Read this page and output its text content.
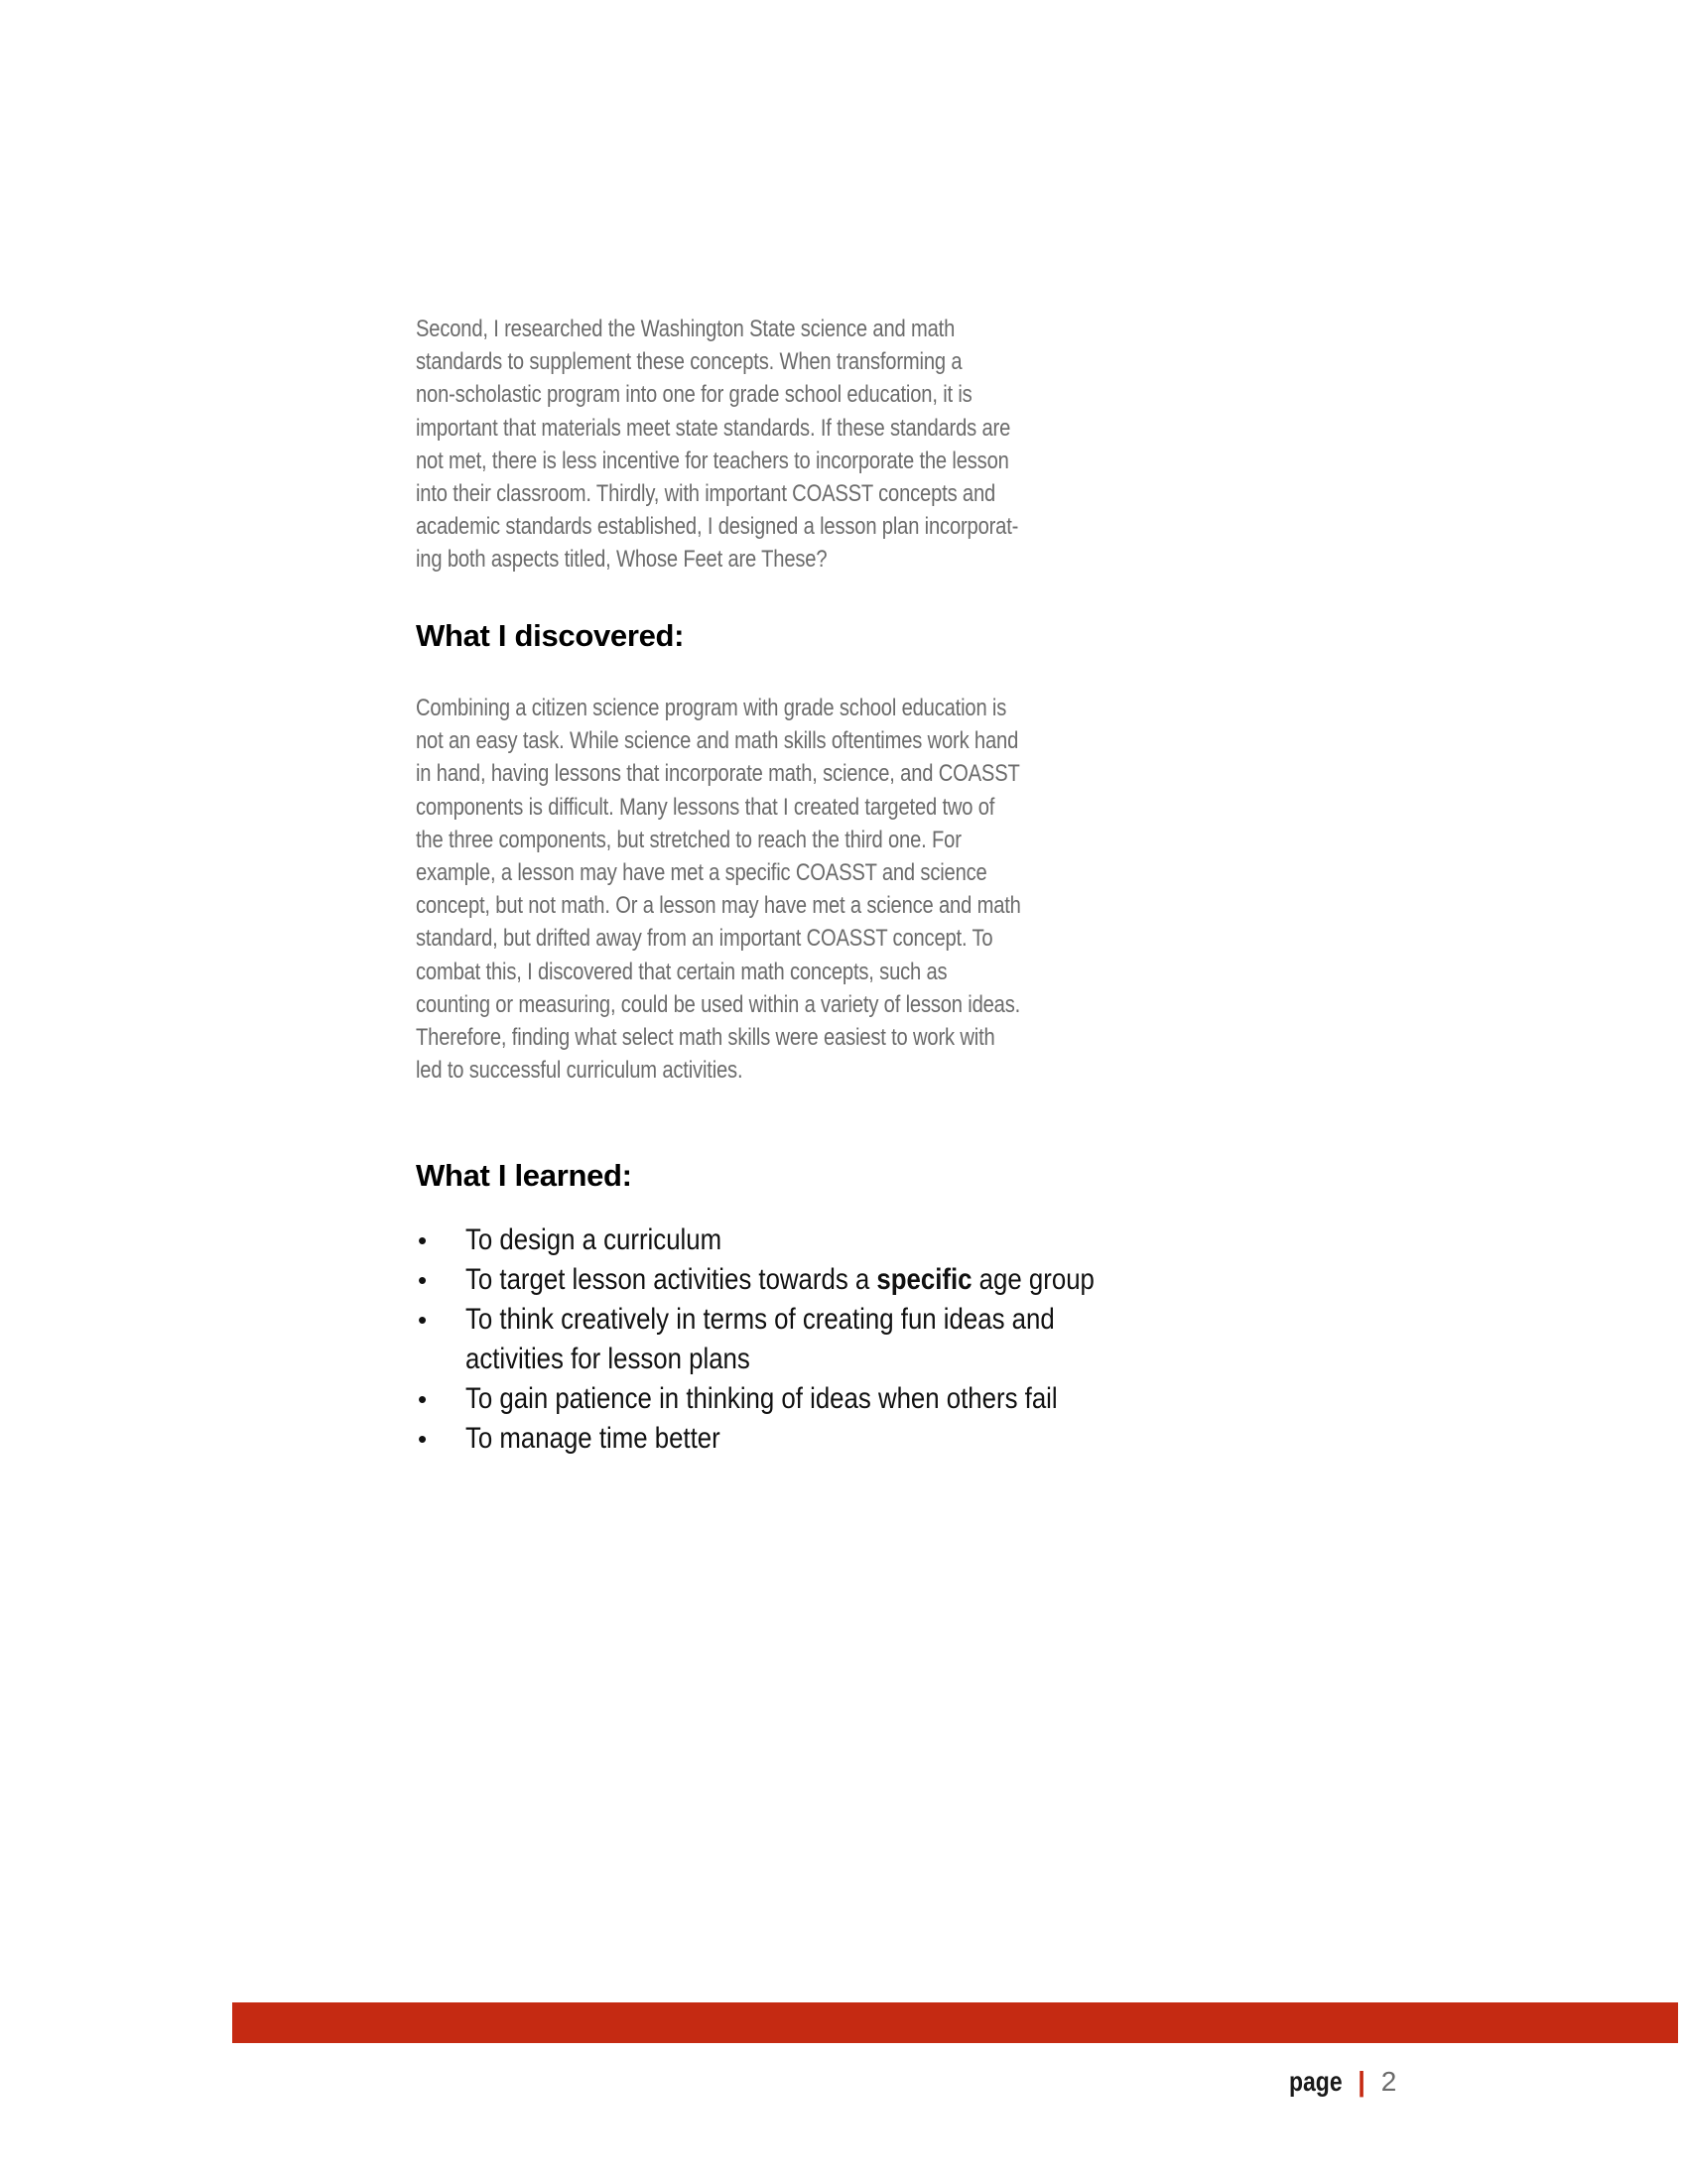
Second, I researched the Washington State science and math
standards to supplement these concepts. When transforming a
non-scholastic program into one for grade school education, it is
important that materials meet state standards. If these standards are
not met, there is less incentive for teachers to incorporate the lesson
into their classroom. Thirdly, with important COASST concepts and
academic standards established, I designed a lesson plan incorporat-
ing both aspects titled, Whose Feet are These?
What I discovered:
Combining a citizen science program with grade school education is
not an easy task. While science and math skills oftentimes work hand
in hand, having lessons that incorporate math, science, and COASST
components is difficult. Many lessons that I created targeted two of
the three components, but stretched to reach the third one. For
example, a lesson may have met a specific COASST and science
concept, but not math. Or a lesson may have met a science and math
standard, but drifted away from an important COASST concept. To
combat this, I discovered that certain math concepts, such as
counting or measuring, could be used within a variety of lesson ideas.
Therefore, finding what select math skills were easiest to work with
led to successful curriculum activities.
What I learned:
• To design a curriculum
• To target lesson activities towards a specific age group
• To think creatively in terms of creating fun ideas and
activities for lesson plans
• To gain patience in thinking of ideas when others fail
• To manage time better
page | 2
